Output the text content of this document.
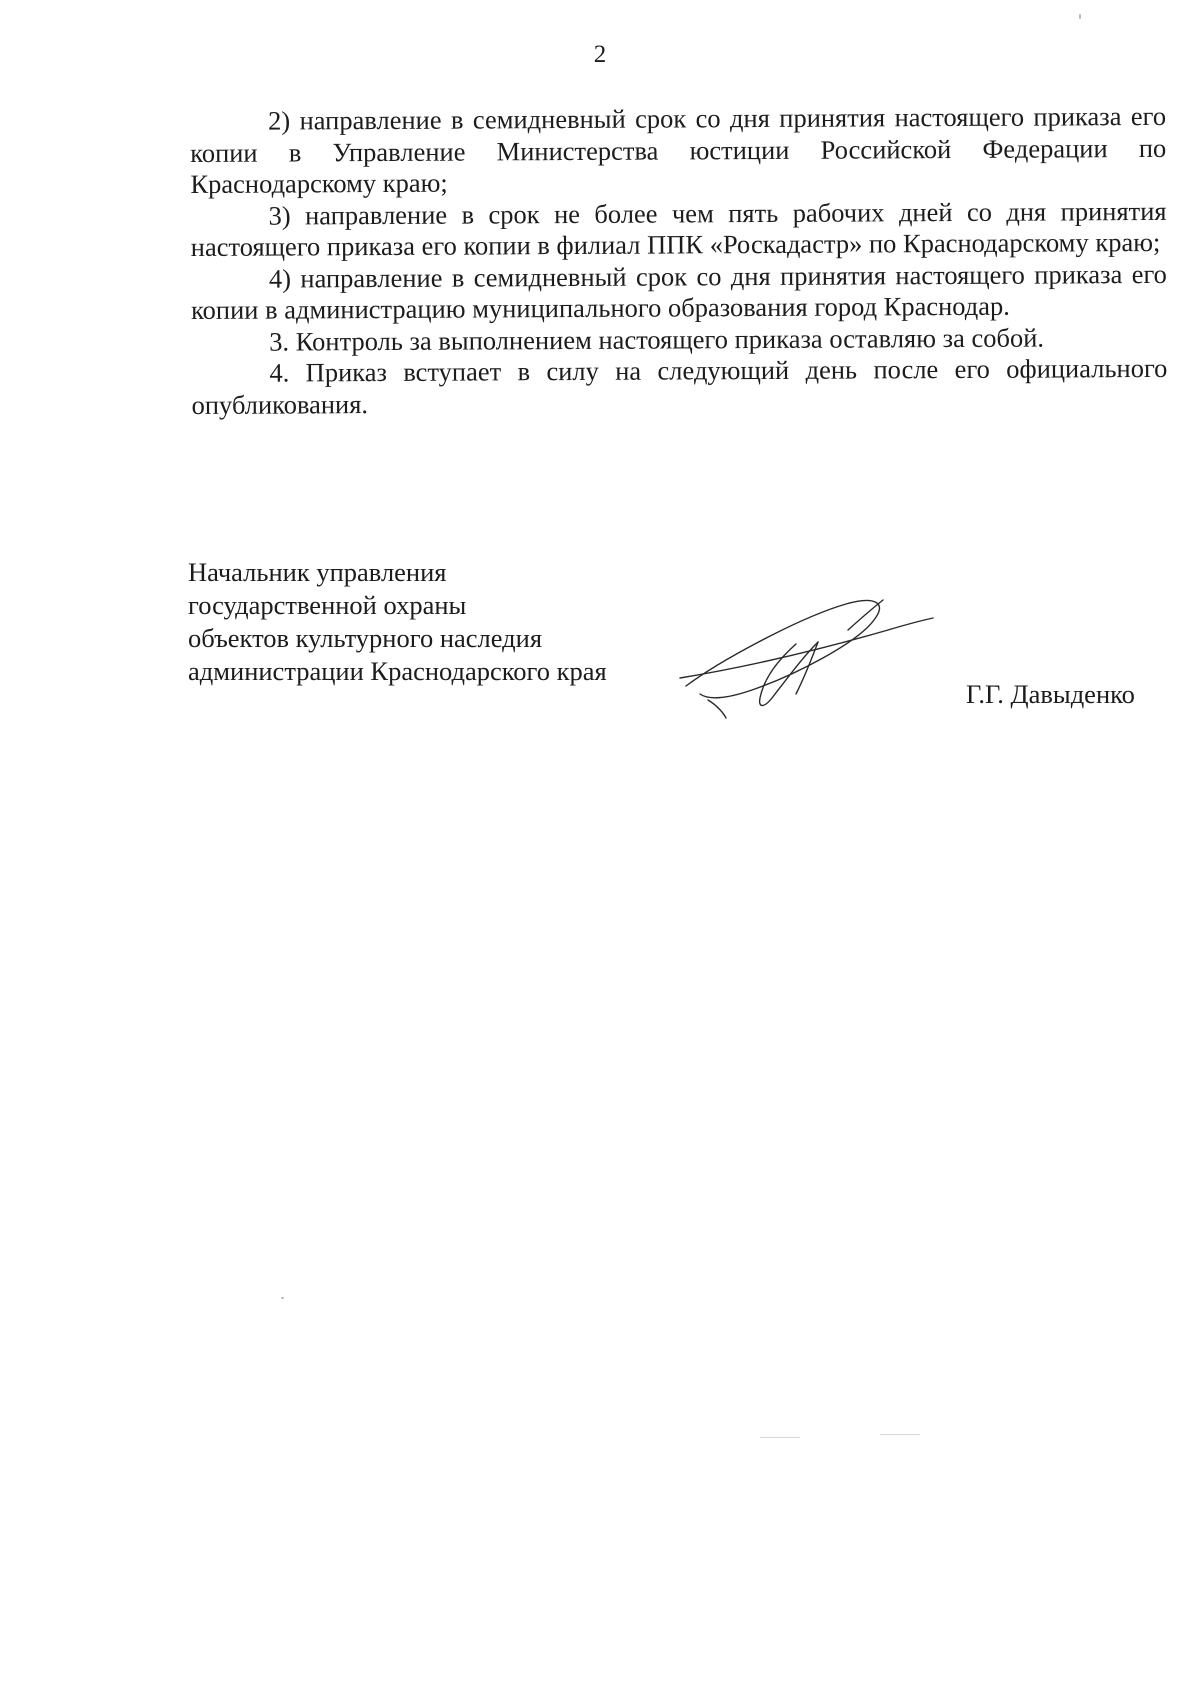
2

2) направление в семидневный срок со дня принятия настоящего приказа его копии в Управление Министерства юстиции Российской Федерации по Краснодарскому краю;

3) направление в срок не более чем пять рабочих дней со дня принятия настоящего приказа его копии в филиал ППК «Роскадастр» по Краснодарскому краю;

4) направление в семидневный срок со дня принятия настоящего приказа его копии в администрацию муниципального образования город Краснодар.

3. Контроль за выполнением настоящего приказа оставляю за собой.

4. Приказ вступает в силу на следующий день после его официального опубликования.

Начальник управления
государственной охраны
объектов культурного наследия
администрации Краснодарского края
Г.Г. Давыденко
